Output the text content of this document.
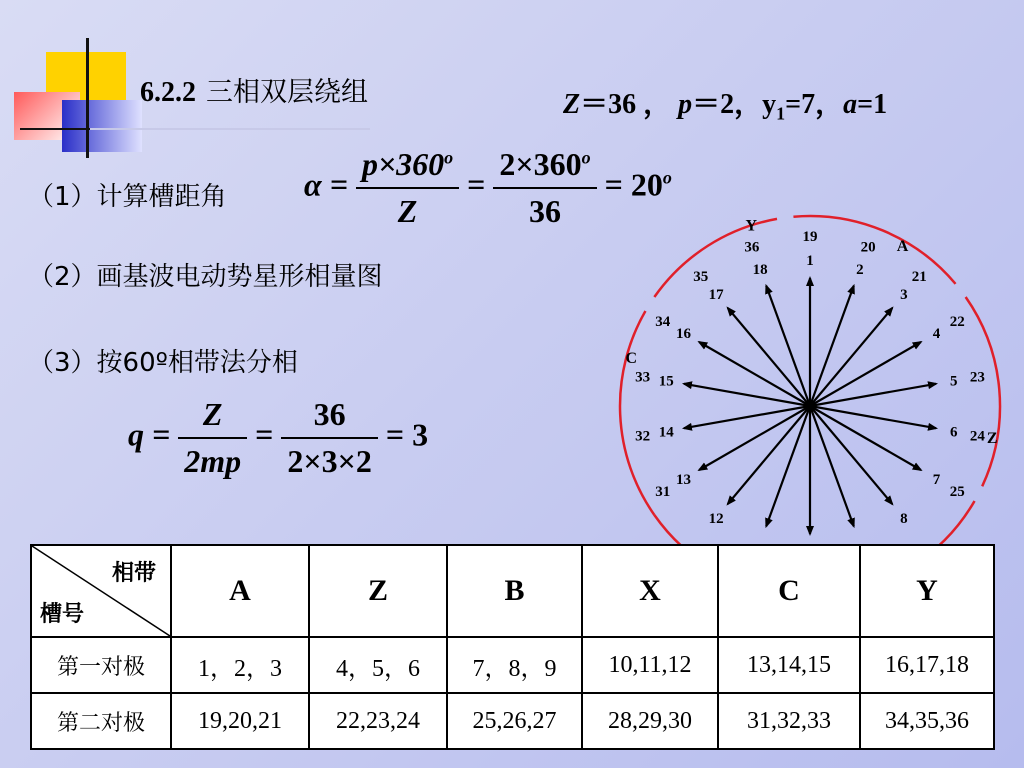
6.2.2 三相双层绕组	Z＝36 ， p＝2，$y_1=7$，a=1
（1）计算槽距角 $\alpha = \frac{p\times 360^o}{Z} = \frac{2\times 360^o}{36} = 20^o$
（2）画基波电动势星形相量图
（3）按60º相带法分相
$q = \frac{Z}{2mp} = \frac{36}{2\times 3\times 2} = 3$
1
19
2
20
3
21
4
22
5 23
6 24
7
25
8
12
13
31
14
32
15
33
16
34
17
35	18
36
Y
A
Z
C
相带
槽号	A	Z	B	X	C	Y
第一对极	1，2，3	4，5，6	7，8，9	10,11,12	13,14,15	16,17,18
第二对极	19,20,21	22,23,24	25,26,27	28,29,30	31,32,33	34,35,36
